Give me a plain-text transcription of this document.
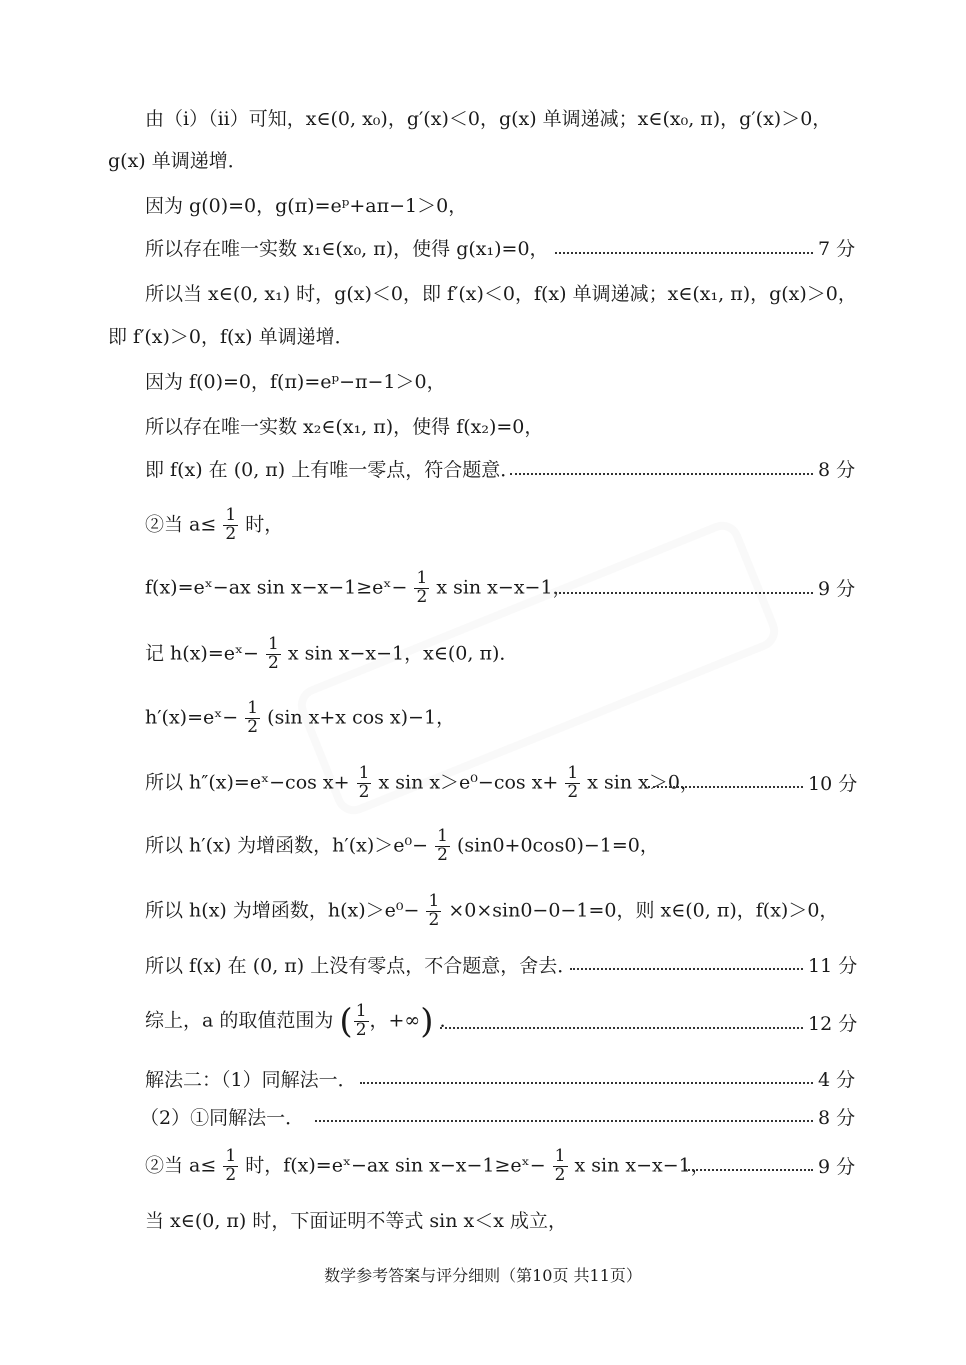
由（i）（ii）可知，x∈(0, x₀)，g′(x)＜0，g(x) 单调递减；x∈(x₀, π)，g′(x)＞0，
g(x) 单调递增．
因为 g(0)=0，g(π)=eᵖ+aπ−1＞0，
所以存在唯一实数 x₁∈(x₀, π)，使得 g(x₁)=0，	7 分
所以当 x∈(0, x₁) 时，g(x)＜0，即 f′(x)＜0，f(x) 单调递减；x∈(x₁, π)，g(x)＞0，
即 f′(x)＞0，f(x) 单调递增．
因为 f(0)=0，f(π)=eᵖ−π−1＞0，
所以存在唯一实数 x₂∈(x₁, π)，使得 f(x₂)=0，
即 f(x) 在 (0, π) 上有唯一零点，符合题意．	8 分
②当 $a\le \frac{1}{2}$ 时，
f(x)=eˣ−ax sin x−x−1≥eˣ− $\frac{1}{2}$ x sin x−x−1，	9 分
记 h(x)=eˣ− $\frac{1}{2}$ x sin x−x−1，x∈(0, π)．
h′(x)=eˣ− $\frac{1}{2} (\sin$ x+x cos x)−1，
所以 h″(x)=eˣ−cos $x+ \frac{1}{2}$ x sin x＞e⁰−cos $x+ \frac{1}{2}$ x sin x＞0，	10 分
所以 h′(x) 为增函数，$h'(x)>e^0- \frac{1}{2} (\sin 0+0\cos 0)-1=0$，
所以 h(x) 为增函数，$h(x)>e^0- \frac{1}{2} \times 0\times\sin 0-0-1=0$，则 x∈(0, π)，f(x)＞0，
所以 f(x) 在 (0, π) 上没有零点，不合题意，舍去．	11 分
综上，a 的取值范围为 ( $\frac{1}{2}$ ，+∞) ．	12 分
解法二：（1）同解法一．	4 分
（2）①同解法一．	8 分
②当 $a\le \frac{1}{2}$ 时，f(x)=eˣ−ax sin x−x−1≥eˣ− $\frac{1}{2}$ x sin x−x−1，	9 分
当 x∈(0, π) 时，下面证明不等式 sin x＜x 成立，
数学参考答案与评分细则（第10页 共11页）
